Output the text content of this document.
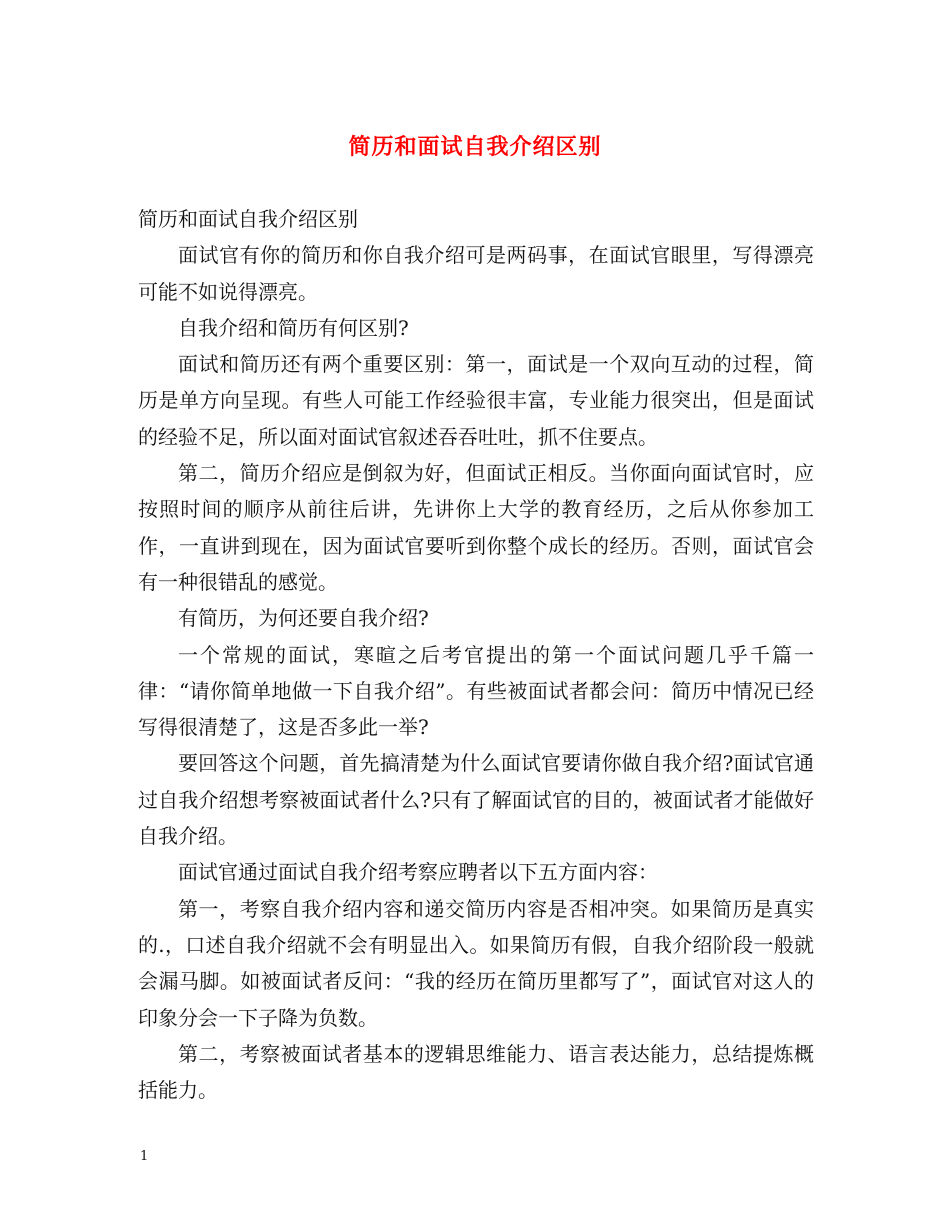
简历和面试自我介绍区别

简历和面试自我介绍区别

面试官有你的简历和你自我介绍可是两码事，在面试官眼里，写得漂亮可能不如说得漂亮。

自我介绍和简历有何区别?

面试和简历还有两个重要区别：第一，面试是一个双向互动的过程，简历是单方向呈现。有些人可能工作经验很丰富，专业能力很突出，但是面试的经验不足，所以面对面试官叙述吞吞吐吐，抓不住要点。

第二，简历介绍应是倒叙为好，但面试正相反。当你面向面试官时，应按照时间的顺序从前往后讲，先讲你上大学的教育经历，之后从你参加工作，一直讲到现在，因为面试官要听到你整个成长的经历。否则，面试官会有一种很错乱的感觉。

有简历，为何还要自我介绍?

一个常规的面试，寒暄之后考官提出的第一个面试问题几乎千篇一律：“请你简单地做一下自我介绍”。有些被面试者都会问：简历中情况已经写得很清楚了，这是否多此一举?

要回答这个问题，首先搞清楚为什么面试官要请你做自我介绍?面试官通过自我介绍想考察被面试者什么?只有了解面试官的目的，被面试者才能做好自我介绍。

面试官通过面试自我介绍考察应聘者以下五方面内容：

第一，考察自我介绍内容和递交简历内容是否相冲突。如果简历是真实的.，口述自我介绍就不会有明显出入。如果简历有假，自我介绍阶段一般就会漏马脚。如被面试者反问：“我的经历在简历里都写了”，面试官对这人的印象分会一下子降为负数。

第二，考察被面试者基本的逻辑思维能力、语言表达能力，总结提炼概括能力。

1
